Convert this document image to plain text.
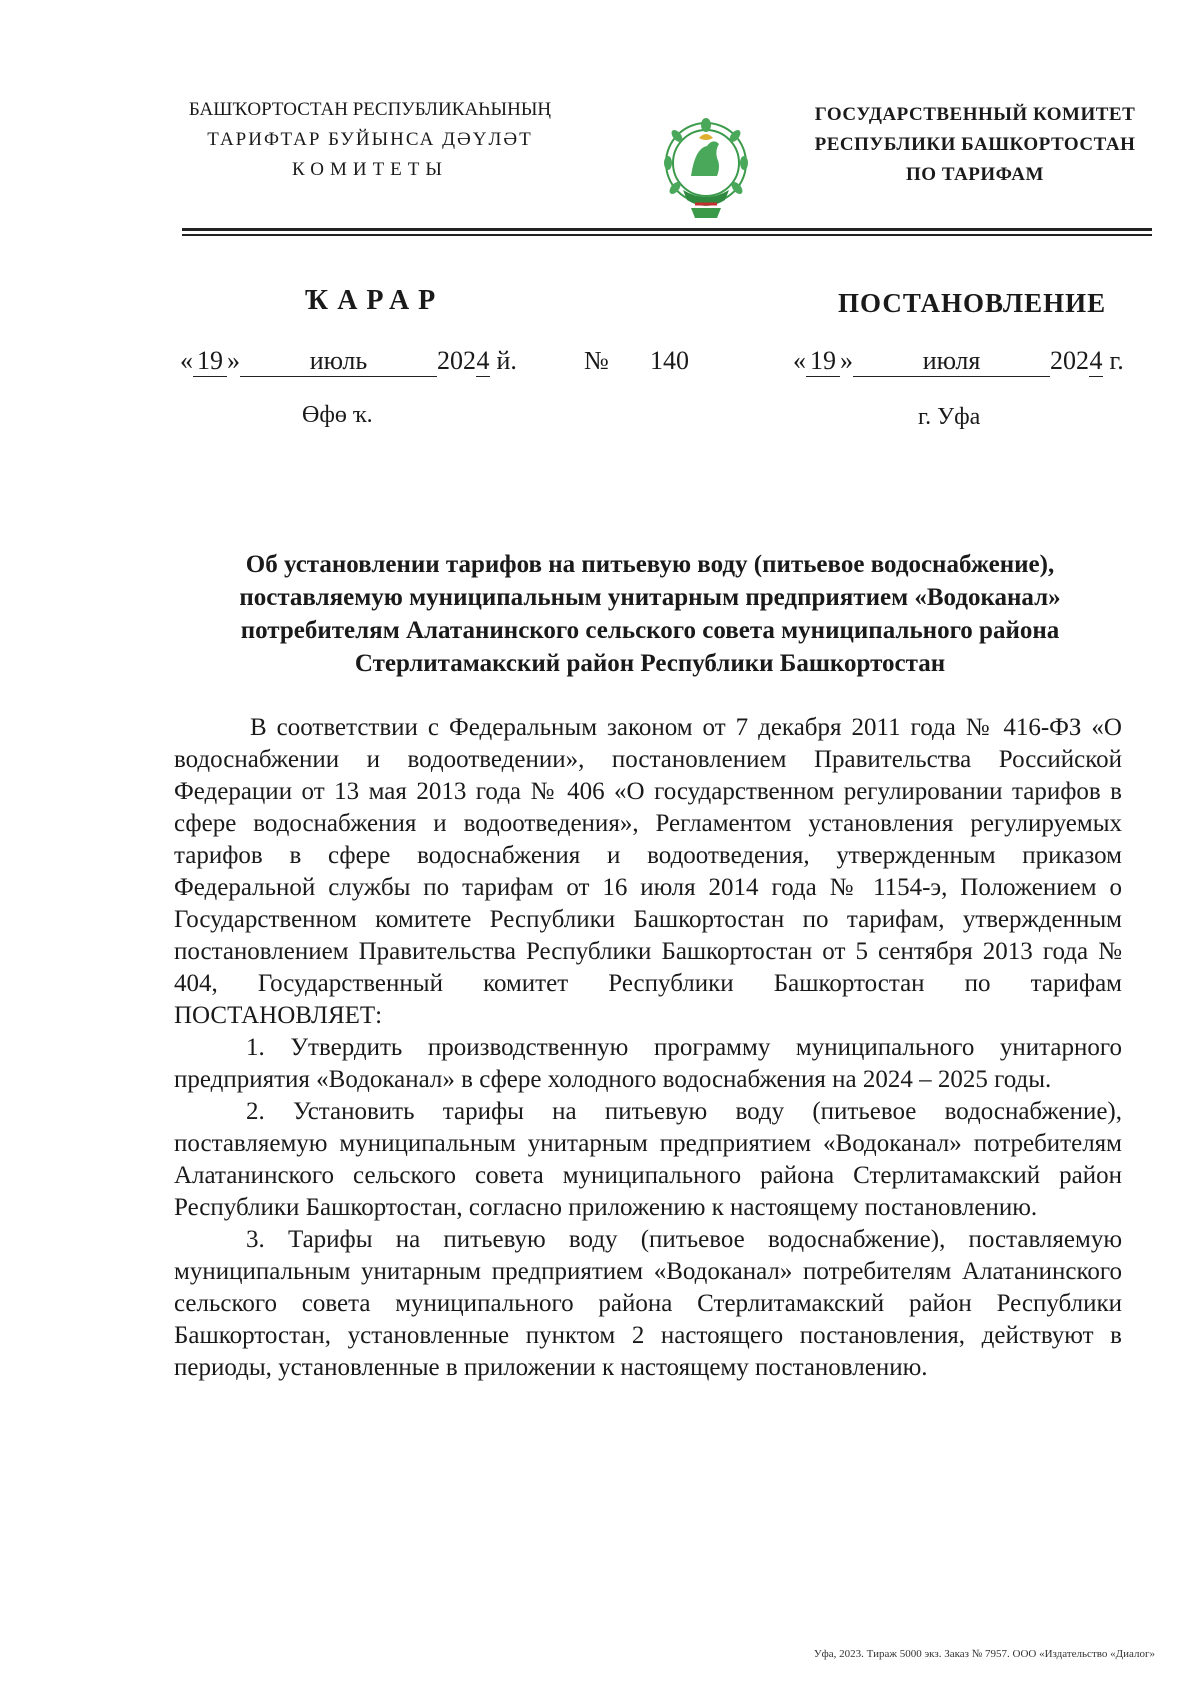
БАШҠОРТОСТАН РЕСПУБЛИКАҺЫНЫҢ
ТАРИФТАР БУЙЫНСА ДӘҮЛӘТ
КОМИТЕТЫ
ГОСУДАРСТВЕННЫЙ КОМИТЕТ
РЕСПУБЛИКИ БАШКОРТОСТАН
ПО ТАРИФАМ
ҠАРАР	ПОСТАНОВЛЕНИЕ
« 19 »	июль	2024 й.	№ 140	« 19 »	июля	2024 г.
Өфө ҡ.	г. Уфа
Об установлении тарифов на питьевую воду (питьевое водоснабжение),
поставляемую муниципальным унитарным предприятием «Водоканал»
потребителям Алатанинского сельского совета муниципального района
Стерлитамакский район Республики Башкортостан

В соответствии с Федеральным законом от 7 декабря 2011 года № 416-ФЗ «О водоснабжении и водоотведении», постановлением Правительства Российской Федерации от 13 мая 2013 года № 406 «О государственном регулировании тарифов в сфере водоснабжения и водоотведения», Регламентом установления регулируемых тарифов в сфере водоснабжения и водоотведения, утвержденным приказом Федеральной службы по тарифам от 16 июля 2014 года № 1154-э, Положением о Государственном комитете Республики Башкортостан по тарифам, утвержденным постановлением Правительства Республики Башкортостан от 5 сентября 2013 года № 404, Государственный комитет Республики Башкортостан по тарифам ПОСТАНОВЛЯЕТ:

1. Утвердить производственную программу муниципального унитарного предприятия «Водоканал» в сфере холодного водоснабжения на 2024 – 2025 годы.

2. Установить тарифы на питьевую воду (питьевое водоснабжение), поставляемую муниципальным унитарным предприятием «Водоканал» потребителям Алатанинского сельского совета муниципального района Стерлитамакский район Республики Башкортостан, согласно приложению к настоящему постановлению.

3. Тарифы на питьевую воду (питьевое водоснабжение), поставляемую муниципальным унитарным предприятием «Водоканал» потребителям Алатанинского сельского совета муниципального района Стерлитамакский район Республики Башкортостан, установленные пунктом 2 настоящего постановления, действуют в периоды, установленные в приложении к настоящему постановлению.

Уфа, 2023. Тираж 5000 экз. Заказ № 7957. ООО «Издательство «Диалог»
